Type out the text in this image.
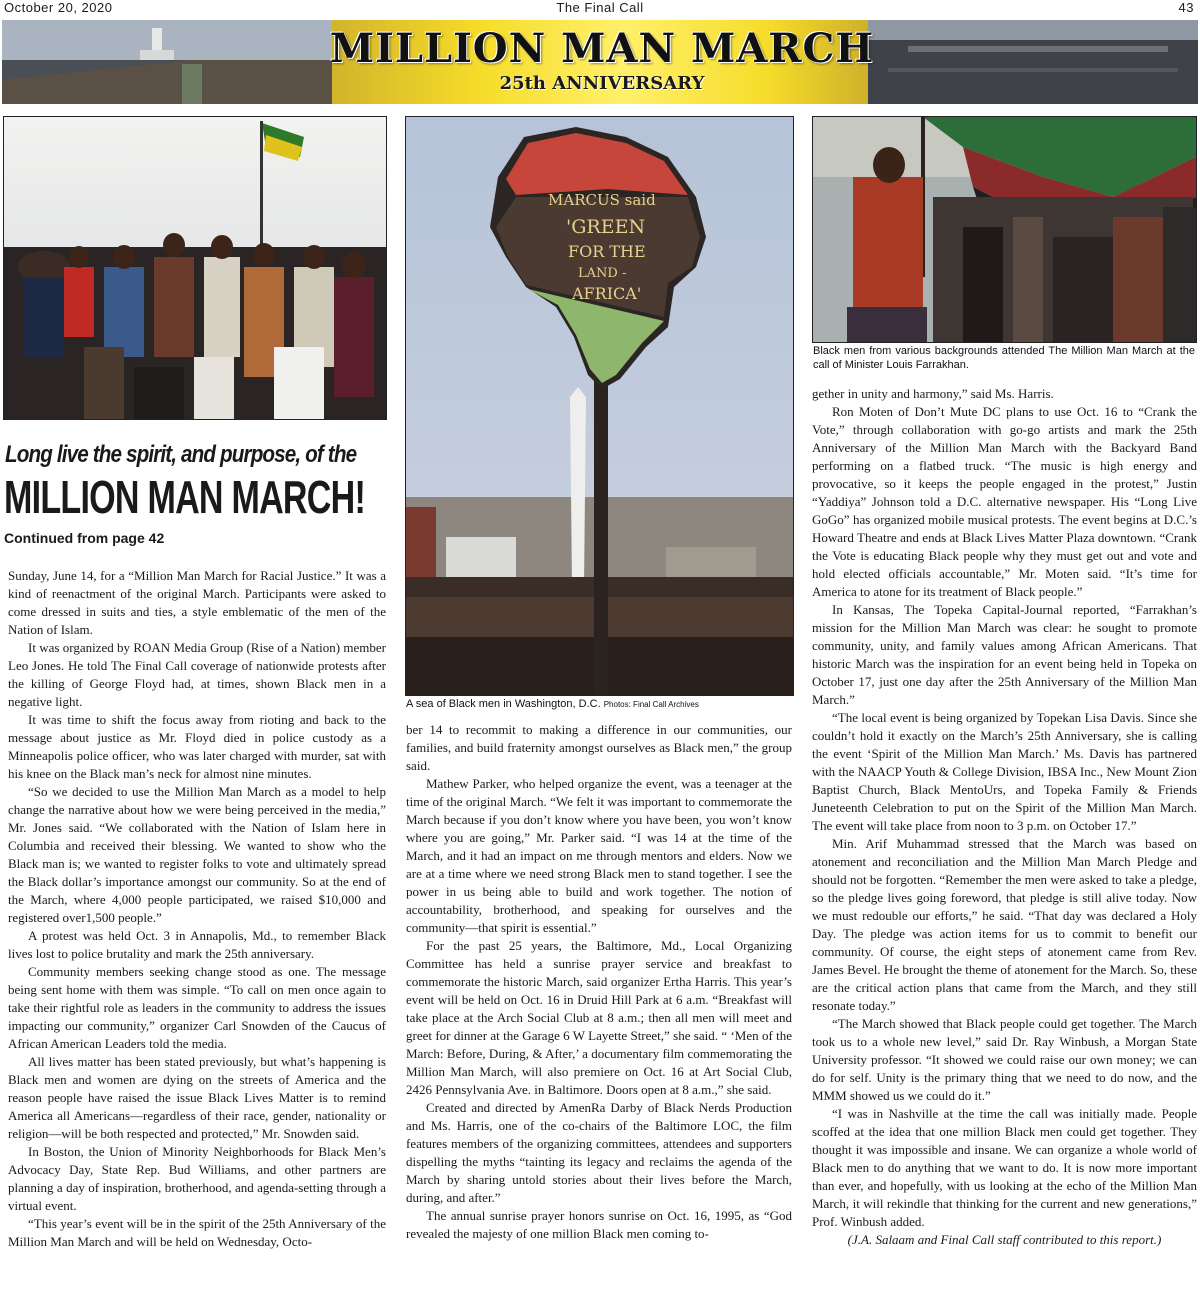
October 20, 2020	The Final Call	43
MILLION MAN MARCH
25th ANNIVERSARY
MARCUS said
'GREEN
FOR THE
LAND -
AFRICA'
A sea of Black men in Washington, D.C. Photos: Final Call Archives
Black men from various backgrounds attended The Million Man March at the call of Minister Louis Farrakhan.
Long live the spirit, and purpose, of the
MILLION MAN MARCH!
Continued from page 42

Sunday, June 14, for a “Million Man March for Racial Justice.” It was a kind of reenactment of the original March. Participants were asked to come dressed in suits and ties, a style emblematic of the men of the Nation of Islam.

It was organized by ROAN Media Group (Rise of a Nation) member Leo Jones. He told The Final Call coverage of nationwide protests after the killing of George Floyd had, at times, shown Black men in a negative light.

It was time to shift the focus away from rioting and back to the message about justice as Mr. Floyd died in police custody as a Minneapolis police officer, who was later charged with murder, sat with his knee on the Black man’s neck for almost nine minutes.

“So we decided to use the Million Man March as a model to help change the narrative about how we were being perceived in the media,” Mr. Jones said. “We collaborated with the Nation of Islam here in Columbia and received their blessing. We wanted to show who the Black man is; we wanted to register folks to vote and ultimately spread the Black dollar’s importance amongst our community. So at the end of the March, where 4,000 people participated, we raised $10,000 and registered over1,500 people.”

A protest was held Oct. 3 in Annapolis, Md., to remember Black lives lost to police brutality and mark the 25th anniversary.

Community members seeking change stood as one. The message being sent home with them was simple. “To call on men once again to take their rightful role as leaders in the community to address the issues impacting our community,” organizer Carl Snowden of the Caucus of African American Leaders told the media.

All lives matter has been stated previously, but what’s happening is Black men and women are dying on the streets of America and the reason people have raised the issue Black Lives Matter is to remind America all Americans—regardless of their race, gender, nationality or religion—will be both respected and protected,” Mr. Snowden said.

In Boston, the Union of Minority Neighborhoods for Black Men’s Advocacy Day, State Rep. Bud Williams, and other partners are planning a day of inspiration, brotherhood, and agenda-setting through a virtual event.

“This year’s event will be in the spirit of the 25th Anniversary of the Million Man March and will be held on Wednesday, Octo-

ber 14 to recommit to making a difference in our communities, our families, and build fraternity amongst ourselves as Black men,” the group said.

Mathew Parker, who helped organize the event, was a teenager at the time of the original March. “We felt it was important to commemorate the March because if you don’t know where you have been, you won’t know where you are going,” Mr. Parker said. “I was 14 at the time of the March, and it had an impact on me through mentors and elders. Now we are at a time where we need strong Black men to stand together. I see the power in us being able to build and work together. The notion of accountability, brotherhood, and speaking for ourselves and the community—that spirit is essential.”

For the past 25 years, the Baltimore, Md., Local Organizing Committee has held a sunrise prayer service and breakfast to commemorate the historic March, said organizer Ertha Harris. This year’s event will be held on Oct. 16 in Druid Hill Park at 6 a.m. “Breakfast will take place at the Arch Social Club at 8 a.m.; then all men will meet and greet for dinner at the Garage 6 W Layette Street,” she said. “ ‘Men of the March: Before, During, & After,’ a documentary film commemorating the Million Man March, will also premiere on Oct. 16 at Art Social Club, 2426 Pennsylvania Ave. in Baltimore. Doors open at 8 a.m.,” she said.

Created and directed by AmenRa Darby of Black Nerds Production and Ms. Harris, one of the co-chairs of the Baltimore LOC, the film features members of the organizing committees, attendees and supporters dispelling the myths “tainting its legacy and reclaims the agenda of the March by sharing untold stories about their lives before the March, during, and after.”

The annual sunrise prayer honors sunrise on Oct. 16, 1995, as “God revealed the majesty of one million Black men coming to-

gether in unity and harmony,” said Ms. Harris.

Ron Moten of Don’t Mute DC plans to use Oct. 16 to “Crank the Vote,” through collaboration with go-go artists and mark the 25th Anniversary of the Million Man March with the Backyard Band performing on a flatbed truck. “The music is high energy and provocative, so it keeps the people engaged in the protest,” Justin “Yaddiya” Johnson told a D.C. alternative newspaper. His “Long Live GoGo” has organized mobile musical protests. The event begins at D.C.’s Howard Theatre and ends at Black Lives Matter Plaza downtown. “Crank the Vote is educating Black people why they must get out and vote and hold elected officials accountable,” Mr. Moten said. “It’s time for America to atone for its treatment of Black people.”

In Kansas, The Topeka Capital-Journal reported, “Farrakhan’s mission for the Million Man March was clear: he sought to promote community, unity, and family values among African Americans. That historic March was the inspiration for an event being held in Topeka on October 17, just one day after the 25th Anniversary of the Million Man March.”

“The local event is being organized by Topekan Lisa Davis. Since she couldn’t hold it exactly on the March’s 25th Anniversary, she is calling the event ‘Spirit of the Million Man March.’ Ms. Davis has partnered with the NAACP Youth & College Division, IBSA Inc., New Mount Zion Baptist Church, Black MentoUrs, and Topeka Family & Friends Juneteenth Celebration to put on the Spirit of the Million Man March. The event will take place from noon to 3 p.m. on October 17.”

Min. Arif Muhammad stressed that the March was based on atonement and reconciliation and the Million Man March Pledge and should not be forgotten. “Remember the men were asked to take a pledge, so the pledge lives going foreword, that pledge is still alive today. Now we must redouble our efforts,” he said. “That day was declared a Holy Day. The pledge was action items for us to commit to benefit our community. Of course, the eight steps of atonement came from Rev. James Bevel. He brought the theme of atonement for the March. So, these are the critical action plans that came from the March, and they still resonate today.”

“The March showed that Black people could get together. The March took us to a whole new level,” said Dr. Ray Winbush, a Morgan State University professor. “It showed we could raise our own money; we can do for self. Unity is the primary thing that we need to do now, and the MMM showed us we could do it.”

“I was in Nashville at the time the call was initially made. People scoffed at the idea that one million Black men could get together. They thought it was impossible and insane. We can organize a whole world of Black men to do anything that we want to do. It is now more important than ever, and hopefully, with us looking at the echo of the Million Man March, it will rekindle that thinking for the current and new generations,” Prof. Winbush added.

(J.A. Salaam and Final Call staff contributed to this report.)
